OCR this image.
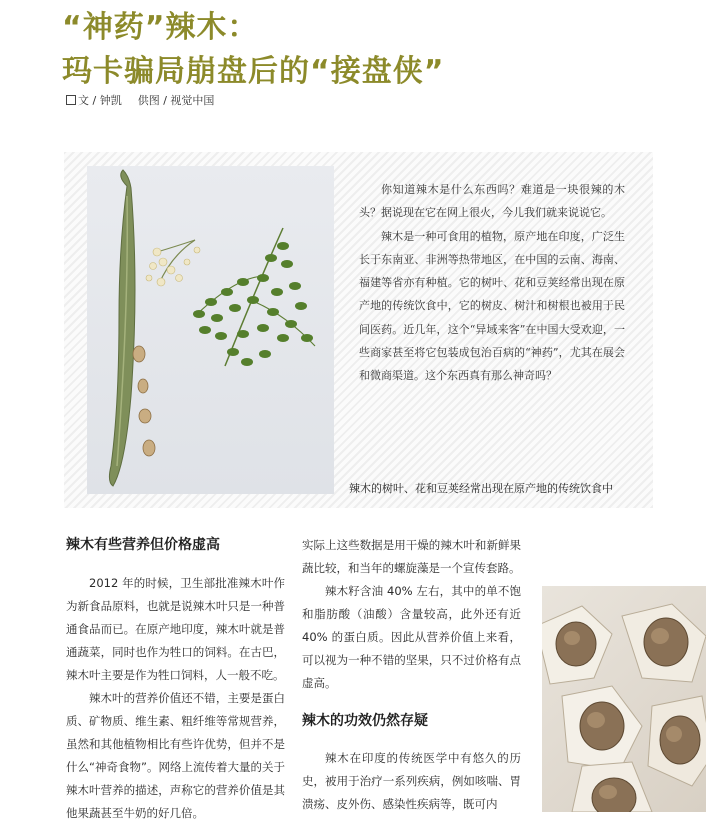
“神药”辣木：
玛卡骗局崩盘后的“接盘侠”
文 / 钟凯 供图 / 视觉中国

你知道辣木是什么东西吗？难道是一块很辣的木头？据说现在它在网上很火，今儿我们就来说说它。

辣木是一种可食用的植物，原产地在印度，广泛生长于东南亚、非洲等热带地区，在中国的云南、海南、福建等省亦有种植。它的树叶、花和豆荚经常出现在原产地的传统饮食中，它的树皮、树汁和树根也被用于民间医药。近几年，这个“异域来客”在中国大受欢迎，一些商家甚至将它包装成包治百病的“神药”，尤其在展会和微商渠道。这个东西真有那么神奇吗？

辣木的树叶、花和豆荚经常出现在原产地的传统饮食中
辣木有些营养但价格虚高

2012 年的时候，卫生部批准辣木叶作为新食品原料，也就是说辣木叶只是一种普通食品而已。在原产地印度，辣木叶就是普通蔬菜，同时也作为牲口的饲料。在古巴，辣木叶主要是作为牲口饲料，人一般不吃。

辣木叶的营养价值还不错，主要是蛋白质、矿物质、维生素、粗纤维等常规营养，虽然和其他植物相比有些许优势，但并不是什么“神奇食物”。网络上流传着大量的关于辣木叶营养的描述，声称它的营养价值是其他果蔬甚至牛奶的好几倍。

实际上这些数据是用干燥的辣木叶和新鲜果蔬比较，和当年的螺旋藻是一个宣传套路。

辣木籽含油 40% 左右，其中的单不饱和脂肪酸（油酸）含量较高，此外还有近 40% 的蛋白质。因此从营养价值上来看，可以视为一种不错的坚果，只不过价格有点虚高。

辣木的功效仍然存疑

辣木在印度的传统医学中有悠久的历史，被用于治疗一系列疾病，例如咳喘、胃溃疡、皮外伤、感染性疾病等，既可内
